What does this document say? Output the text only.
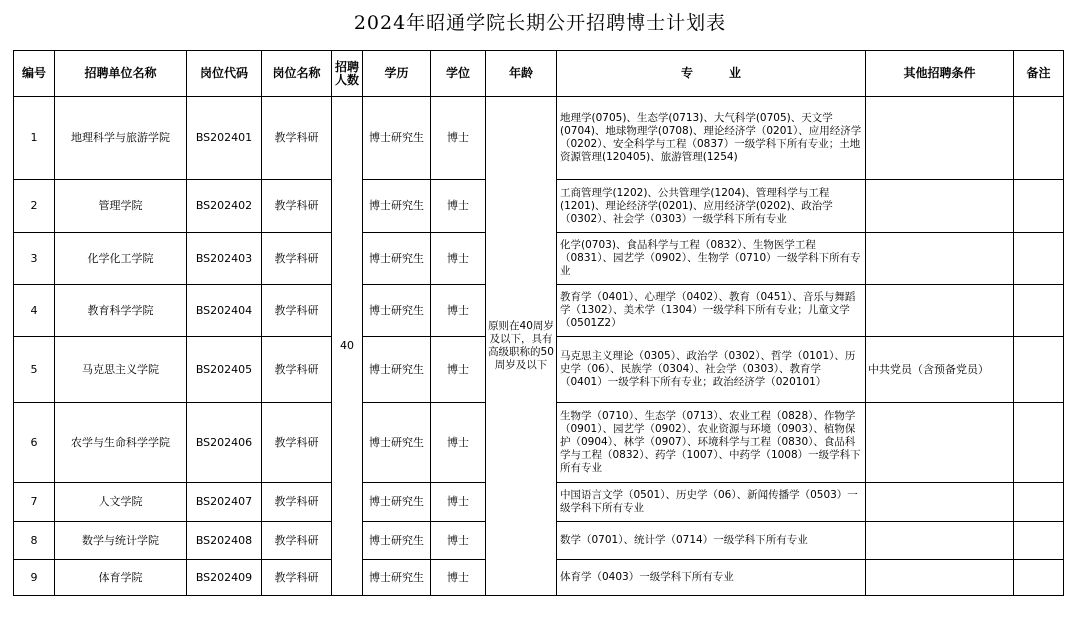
2024年昭通学院长期公开招聘博士计划表
编号	招聘单位名称	岗位代码	岗位名称	招聘人数	学历	学位	年龄	专　　　业	其他招聘条件	备注
1	地理科学与旅游学院	BS202401	教学科研	40	博士研究生	博士	原则在40周岁及以下，具有高级职称的50周岁及以下	地理学(0705)、生态学(0713)、大气科学(0705)、天文学(0704)、地球物理学(0708)、理论经济学（0201）、应用经济学（0202）、安全科学与工程（0837）一级学科下所有专业；土地资源管理(120405)、旅游管理(1254)		
2	管理学院	BS202402	教学科研		博士研究生	博士		工商管理学(1202)、公共管理学(1204)、管理科学与工程(1201)、理论经济学(0201)、应用经济学(0202)、政治学（0302）、社会学（0303）一级学科下所有专业		
3	化学化工学院	BS202403	教学科研		博士研究生	博士		化学(0703)、食品科学与工程（0832）、生物医学工程（0831）、园艺学（0902）、生物学（0710）一级学科下所有专业		
4	教育科学学院	BS202404	教学科研		博士研究生	博士		教育学（0401）、心理学（0402）、教育（0451）、音乐与舞蹈学（1302）、美术学（1304）一级学科下所有专业；儿童文学（0501Z2）		
5	马克思主义学院	BS202405	教学科研		博士研究生	博士		马克思主义理论（0305）、政治学（0302）、哲学（0101）、历史学（06）、民族学（0304）、社会学（0303）、教育学（0401）一级学科下所有专业；政治经济学（020101）	中共党员（含预备党员）	
6	农学与生命科学学院	BS202406	教学科研		博士研究生	博士		生物学（0710）、生态学（0713）、农业工程（0828）、作物学（0901）、园艺学（0902）、农业资源与环境（0903）、植物保护（0904）、林学（0907）、环境科学与工程（0830）、食品科学与工程（0832）、药学（1007）、中药学（1008）一级学科下所有专业		
7	人文学院	BS202407	教学科研		博士研究生	博士		中国语言文学（0501）、历史学（06）、新闻传播学（0503）一级学科下所有专业		
8	数学与统计学院	BS202408	教学科研		博士研究生	博士		数学（0701）、统计学（0714）一级学科下所有专业		
9	体育学院	BS202409	教学科研		博士研究生	博士		体育学（0403）一级学科下所有专业		
